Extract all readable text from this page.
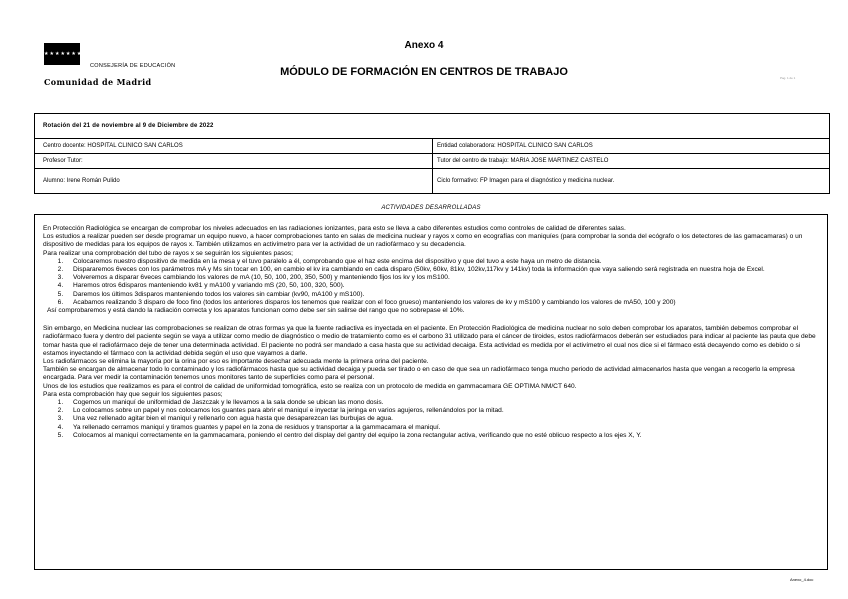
★★★★★★★
CONSEJERÍA DE EDUCACIÓN
Comunidad de Madrid
Anexo 4
MÓDULO DE FORMACIÓN EN CENTROS DE TRABAJO	Pag. 1 de 1
Rotación del 21 de noviembre al 9 de Diciembre de 2022
Centro docente: HOSPITAL CLINICO SAN CARLOS	Entidad colaboradora: HOSPITAL CLINICO SAN CARLOS
Profesor Tutor:	Tutor del centro de trabajo: MARIA JOSE MARTINEZ CASTELO
Alumno: Irene Román Pulido	Ciclo formativo: FP Imagen para el diagnóstico y medicina nuclear.
ACTIVIDADES DESARROLLADAS

En Protección Radiológica se encargan de comprobar los niveles adecuados en las radiaciones ionizantes, para esto se lleva a cabo diferentes estudios como controles de calidad de diferentes salas.

Los estudios a realizar pueden ser desde programar un equipo nuevo, a hacer comprobaciones tanto en salas de medicina nuclear y rayos x como en ecografías con maniquíes (para comprobar la sonda del ecógrafo o los detectores de las gamacamaras) o un dispositivo de medidas para los equipos de rayos x. También utilizamos en activímetro para ver la actividad de un radiofármaco y su decadencia.

Para realizar una comprobación del tubo de rayos x se seguirán los siguientes pasos;

1. Colocaremos nuestro dispositivo de medida en la mesa y el tuvo paralelo a él, comprobando que el haz este encima del dispositivo y que del tuvo a este haya un metro de distancia.
2. Dispararemos 6veces con los parámetros mA y Ms sin tocar en 100, en cambio el kv ira cambiando en cada disparo (50kv, 60kv, 81kv, 102kv,117kv y 141kv) toda la información que vaya saliendo será registrada en nuestra hoja de Excel.
3. Volveremos a disparar 6veces cambiando los valores de mA (10, 50, 100, 200, 350, 500) y manteniendo fijos los kv y los mS100.
4. Haremos otros 6disparos manteniendo kv81 y mA100 y variando mS (20, 50, 100, 320, 500).
5. Daremos los últimos 3disparos manteniendo todos los valores sin cambiar (kv90, mA100 y mS100).
6. Acabamos realizando 3 disparo de foco fino (todos los anteriores disparos los tenemos que realizar con el foco grueso) manteniendo los valores de kv y mS100 y cambiando los valores de mA50, 100 y 200)

Así comprobaremos y está dando la radiación correcta y los aparatos funcionan como debe ser sin salirse del rango que no sobrepase el 10%.

Sin embargo, en Medicina nuclear las comprobaciones se realizan de otras formas ya que la fuente radiactiva es inyectada en el paciente. En Protección Radiológica de medicina nuclear no solo deben comprobar los aparatos, también debemos comprobar el radiofármaco fuera y dentro del paciente según se vaya a utilizar como medio de diagnóstico o medio de tratamiento como es el carbono 31 utilizado para el cáncer de tiroides, estos radiofármacos deberán ser estudiados para indicar al paciente las pauta que debe tomar hasta que el radiofármaco deje de tener una determinada actividad. El paciente no podrá ser mandado a casa hasta que su actividad decaiga. Esta actividad es medida por el activímetro el cual nos dice si el fármaco está decayendo como es debido o si estamos inyectando el fármaco con la actividad debida según el uso que vayamos a darle.

Los radiofármacos se elimina la mayoría por la orina por eso es importante desechar adecuada mente la primera orina del paciente.

También se encargan de almacenar todo lo contaminado y los radiofármacos hasta que su actividad decaiga y pueda ser tirado o en caso de que sea un radiofármaco tenga mucho periodo de actividad almacenarlos hasta que vengan a recogerlo la empresa encargada. Para ver medir la contaminación tenemos unos monitores tanto de superficies como para el personal.

Unos de los estudios que realizamos es para el control de calidad de uniformidad tomográfica, esto se realiza con un protocolo de medida en gammacamara GE OPTIMA NM/CT 640.

Para esta comprobación hay que seguir los siguientes pasos;

1. Cogemos un maniquí de uniformidad de Jaszczak y le llevamos a la sala donde se ubican las mono dosis.
2. Lo colocamos sobre un papel y nos colocamos los guantes para abrir el maniquí e inyectar la jeringa en varios agujeros, rellenándolos por la mitad.
3. Una vez rellenado agitar bien el maniquí y rellenarlo con agua hasta que desaparezcan las burbujas de agua.
4. Ya rellenado cerramos maniquí y tiramos guantes y papel en la zona de residuos y transportar a la gammacamara el maniquí.
5. Colocamos al maniquí correctamente en la gammacamara, poniendo el centro del display del gantry del equipo la zona rectangular activa, verificando que no esté oblicuo respecto a los ejes X, Y.
Anexo_4.doc
